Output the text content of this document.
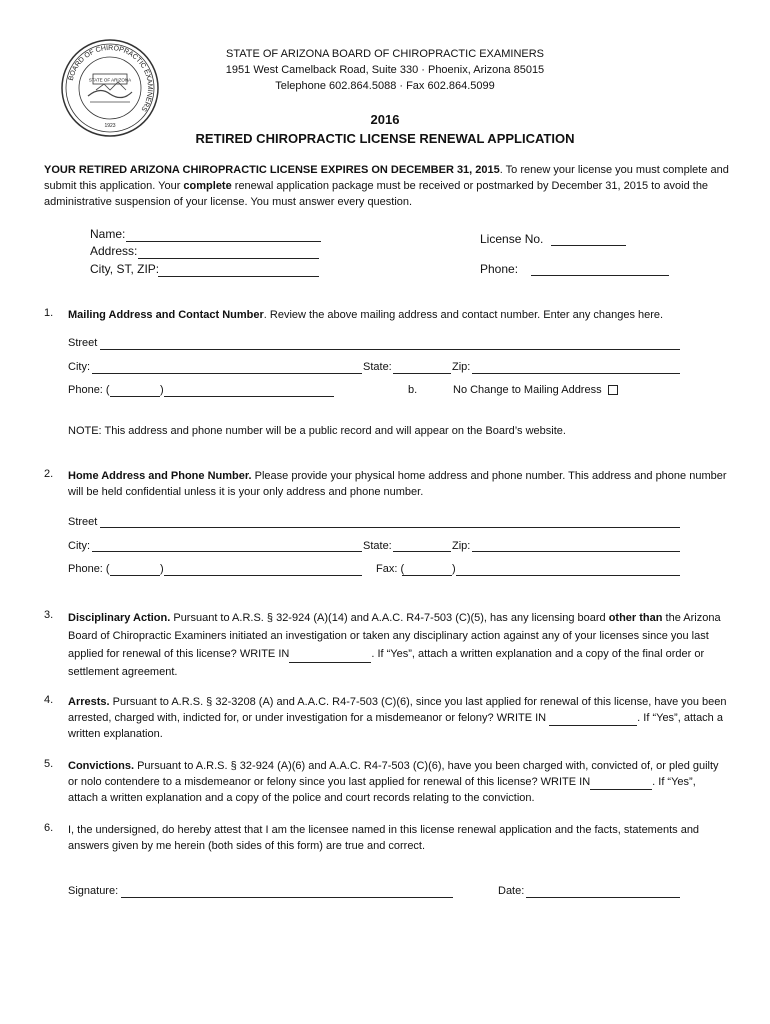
BOARD OF CHIROPRACTIC EXAMINERS
STATE OF ARIZONA
1923
STATE OF ARIZONA BOARD OF CHIROPRACTIC EXAMINERS
1951 West Camelback Road, Suite 330 · Phoenix, Arizona 85015
Telephone 602.864.5088 · Fax 602.864.5099
2016
RETIRED CHIROPRACTIC LICENSE RENEWAL APPLICATION
YOUR RETIRED ARIZONA CHIROPRACTIC LICENSE EXPIRES ON DECEMBER 31, 2015. To renew your license you must complete and submit this application. Your complete renewal application package must be received or postmarked by December 31, 2015 to avoid the administrative suspension of your license. You must answer every question.
Name:
Address:
City, ST, ZIP:
License No.
Phone:
1. Mailing Address and Contact Number. Review the above mailing address and contact number. Enter any changes here.
Street
City:	State:	Zip:
Phone: (	)	b.	No Change to Mailing Address
NOTE: This address and phone number will be a public record and will appear on the Board’s website.
2. Home Address and Phone Number. Please provide your physical home address and phone number. This address and phone number will be held confidential unless it is your only address and phone number.
Street
City:	State:	Zip:
Phone: (	)	Fax: (	)
3. Disciplinary Action. Pursuant to A.R.S. § 32-924 (A)(14) and A.A.C. R4-7-503 (C)(5), has any licensing board other than the Arizona Board of Chiropractic Examiners initiated an investigation or taken any disciplinary action against any of your licenses since you last applied for renewal of this license? WRITE IN	. If “Yes”, attach a written explanation and a copy of the final order or settlement agreement.
4. Arrests. Pursuant to A.R.S. § 32-3208 (A) and A.A.C. R4-7-503 (C)(6), since you last applied for renewal of this license, have you been arrested, charged with, indicted for, or under investigation for a misdemeanor or felony? WRITE IN	. If “Yes”, attach a written explanation.
5. Convictions. Pursuant to A.R.S. § 32-924 (A)(6) and A.A.C. R4-7-503 (C)(6), have you been charged with, convicted of, or pled guilty or nolo contendere to a misdemeanor or felony since you last applied for renewal of this license? WRITE IN	. If “Yes”, attach a written explanation and a copy of the police and court records relating to the conviction.
6. I, the undersigned, do hereby attest that I am the licensee named in this license renewal application and the facts, statements and answers given by me herein (both sides of this form) are true and correct.
Signature:	Date:
